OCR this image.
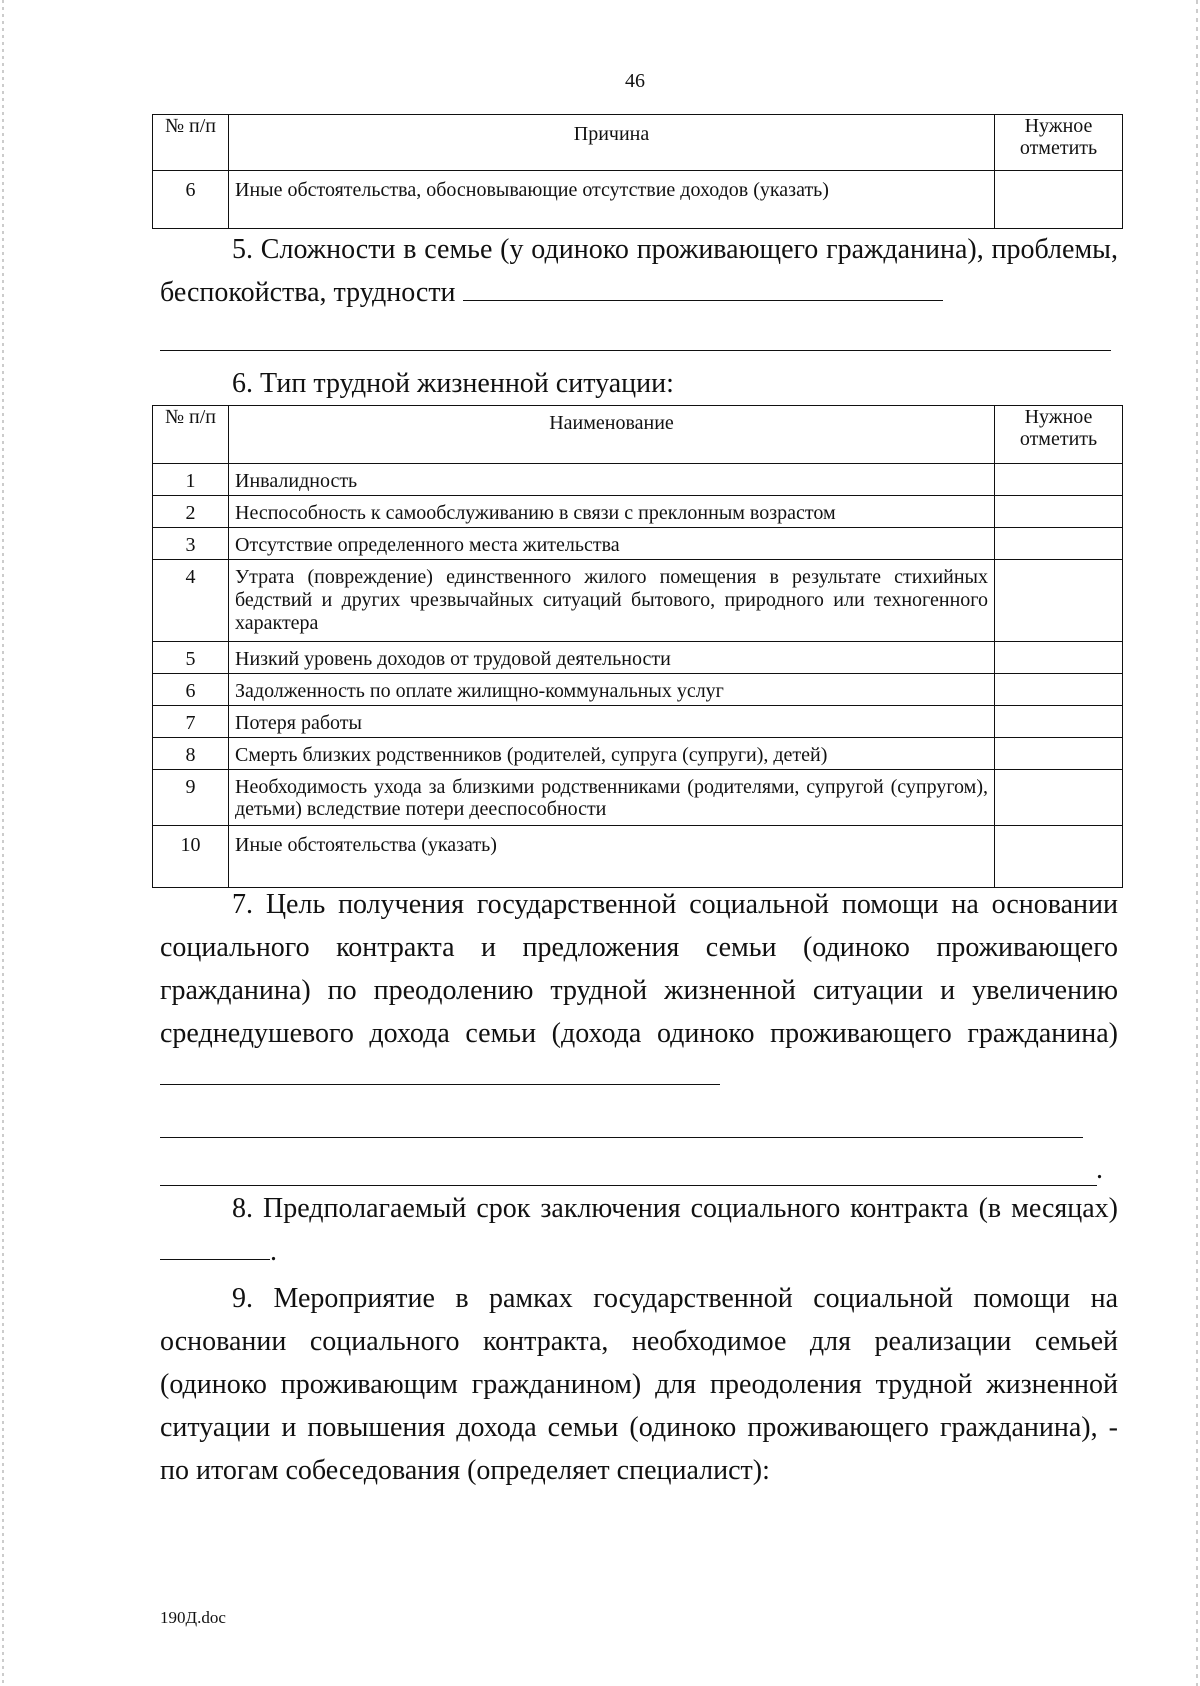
46
№ п/п	Причина	Нужное отметить
6	Иные обстоятельства, обосновывающие отсутствие доходов (указать)	
5. Сложности в семье (у одиноко проживающего гражданина), проблемы, беспокойства, трудности
6. Тип трудной жизненной ситуации:
№ п/п	Наименование	Нужное отметить
1	Инвалидность	
2	Неспособность к самообслуживанию в связи с преклонным возрастом	
3	Отсутствие определенного места жительства	
4	Утрата (повреждение) единственного жилого помещения в результате стихийных бедствий и других чрезвычайных ситуаций бытового, природного или техногенного характера	
5	Низкий уровень доходов от трудовой деятельности	
6	Задолженность по оплате жилищно-коммунальных услуг	
7	Потеря работы	
8	Смерть близких родственников (родителей, супруга (супруги), детей)	
9	Необходимость ухода за близкими родственниками (родителями, супругой (супругом), детьми) вследствие потери дееспособности	
10	Иные обстоятельства (указать)	
7. Цель получения государственной социальной помощи на основании социального контракта и предложения семьи (одиноко проживающего гражданина) по преодолению трудной жизненной ситуации и увеличению среднедушевого дохода семьи (дохода одиноко проживающего гражданина)
.
8. Предполагаемый срок заключения социального контракта (в месяцах) .
9. Мероприятие в рамках государственной социальной помощи на основании социального контракта, необходимое для реализации семьей (одиноко проживающим гражданином) для преодоления трудной жизненной ситуации и повышения дохода семьи (одиноко проживающего гражданина), - по итогам собеседования (определяет специалист):
190Д.doc
